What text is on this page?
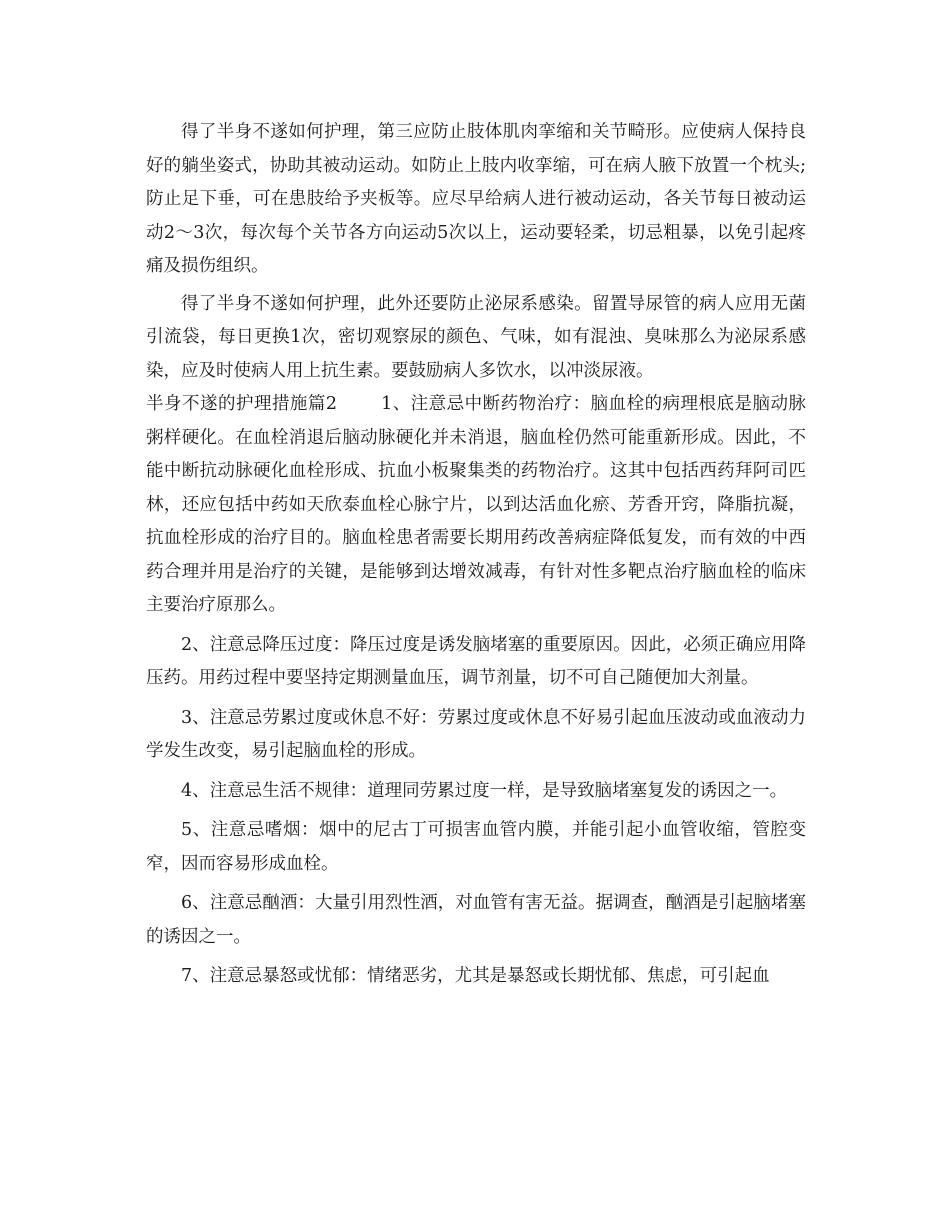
得了半身不遂如何护理，第三应防止肢体肌肉挛缩和关节畸形。应使病人保持良好的躺坐姿式，协助其被动运动。如防止上肢内收挛缩，可在病人腋下放置一个枕头;防止足下垂，可在患肢给予夹板等。应尽早给病人进行被动运动，各关节每日被动运动2～3次，每次每个关节各方向运动5次以上，运动要轻柔，切忌粗暴，以免引起疼痛及损伤组织。

得了半身不遂如何护理，此外还要防止泌尿系感染。留置导尿管的病人应用无菌引流袋，每日更换1次，密切观察尿的颜色、气味，如有混浊、臭味那么为泌尿系感染，应及时使病人用上抗生素。要鼓励病人多饮水，以冲淡尿液。

半身不遂的护理措施篇2	1、注意忌中断药物治疗：脑血栓的病理根底是脑动脉粥样硬化。在血栓消退后脑动脉硬化并未消退，脑血栓仍然可能重新形成。因此，不能中断抗动脉硬化血栓形成、抗血小板聚集类的药物治疗。这其中包括西药拜阿司匹林，还应包括中药如天欣泰血栓心脉宁片，以到达活血化瘀、芳香开窍，降脂抗凝，抗血栓形成的治疗目的。脑血栓患者需要长期用药改善病症降低复发，而有效的中西药合理并用是治疗的关键，是能够到达增效减毒，有针对性多靶点治疗脑血栓的临床主要治疗原那么。

2、注意忌降压过度：降压过度是诱发脑堵塞的重要原因。因此，必须正确应用降压药。用药过程中要坚持定期测量血压，调节剂量，切不可自己随便加大剂量。

3、注意忌劳累过度或休息不好：劳累过度或休息不好易引起血压波动或血液动力学发生改变，易引起脑血栓的形成。

4、注意忌生活不规律：道理同劳累过度一样，是导致脑堵塞复发的诱因之一。

5、注意忌嗜烟：烟中的尼古丁可损害血管内膜，并能引起小血管收缩，管腔变窄，因而容易形成血栓。

6、注意忌酗酒：大量引用烈性酒，对血管有害无益。据调查，酗酒是引起脑堵塞的诱因之一。

7、注意忌暴怒或忧郁：情绪恶劣，尤其是暴怒或长期忧郁、焦虑，可引起血
